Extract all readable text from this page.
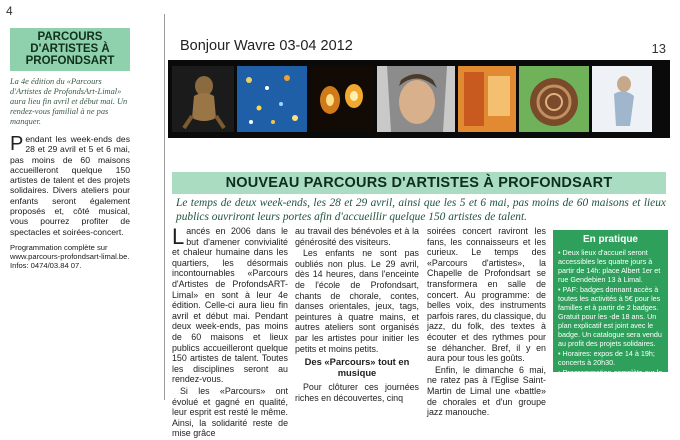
4
13
PARCOURS D'ARTISTES À PROFONDSART
La 4e édition du «Parcours d'Artistes de ProfondsArt-Limal» aura lieu fin avril et début mai. Un rendez-vous familial à ne pas manquer.
Pendant les week-ends des 28 et 29 avril et 5 et 6 mai, pas moins de 60 maisons accueilleront quelque 150 artistes de talent et des projets solidaires. Divers ateliers pour enfants seront également proposés et, côté musical, vous pourrez profiter de spectacles et soirées-concert.
Programmation complète sur www.parcours-profondsart-limal.be. Infos: 0474/03.84 07.
Bonjour Wavre 03-04 2012
NOUVEAU PARCOURS D'ARTISTES À PROFONDSART
Le temps de deux week-ends, les 28 et 29 avril, ainsi que les 5 et 6 mai, pas moins de 60 maisons et lieux publics ouvriront leurs portes afin d'accueillir quelque 150 artistes de talent.

Lancés en 2006 dans le but d'amener convivialité et chaleur humaine dans les quartiers, les désormais incontournables «Parcours d'Artistes de ProfondsART-Limal» en sont à leur 4e édition. Celle-ci aura lieu fin avril et début mai. Pendant deux week-ends, pas moins de 60 maisons et lieux publics accueilleront quelque 150 artistes de talent. Toutes les disciplines seront au rendez-vous.

Si les «Parcours» ont évolué et gagné en qualité, leur esprit est resté le même. Ainsi, la solidarité reste de mise grâce

au travail des bénévoles et à la générosité des visiteurs.

Les enfants ne sont pas oubliés non plus. Le 29 avril, dès 14 heures, dans l'enceinte de l'école de Profondsart, chants de chorale, contes, danses orientales, jeux, tags, peintures à quatre mains, et autres ateliers sont organisés par les artistes pour initier les petits et moins petits.

Des «Parcours» tout en musique

Pour clôturer ces journées riches en découvertes, cinq

soirées concert raviront les fans, les connaisseurs et les curieux. Le temps des «Parcours d'artistes», la Chapelle de Profondsart se transformera en salle de concert. Au programme: de belles voix, des instruments parfois rares, du classique, du jazz, du folk, des textes à écouter et des rythmes pour se déhancher. Bref, il y en aura pour tous les goûts.

Enfin, le dimanche 6 mai, ne ratez pas à l'Eglise Saint-Martin de Limal une «battle» de chorales et d'un groupe jazz manouche.

En pratique

• Deux lieux d'accueil seront accessibles les quatre jours à partir de 14h: place Albert 1er et rue Gendebien 13 à Limal.

• PAF: badges donnant accès à toutes les activités à 5€ pour les familles et à partir de 2 badges. Gratuit pour les -de 18 ans. Un plan explicatif est joint avec le badge. Un catalogue sera vendu au profit des projets solidaires.

• Horaires: expos de 14 à 19h; concerts à 20h30.

• Programmation complète sur le site www.parcours-profondsart-limal.be.
